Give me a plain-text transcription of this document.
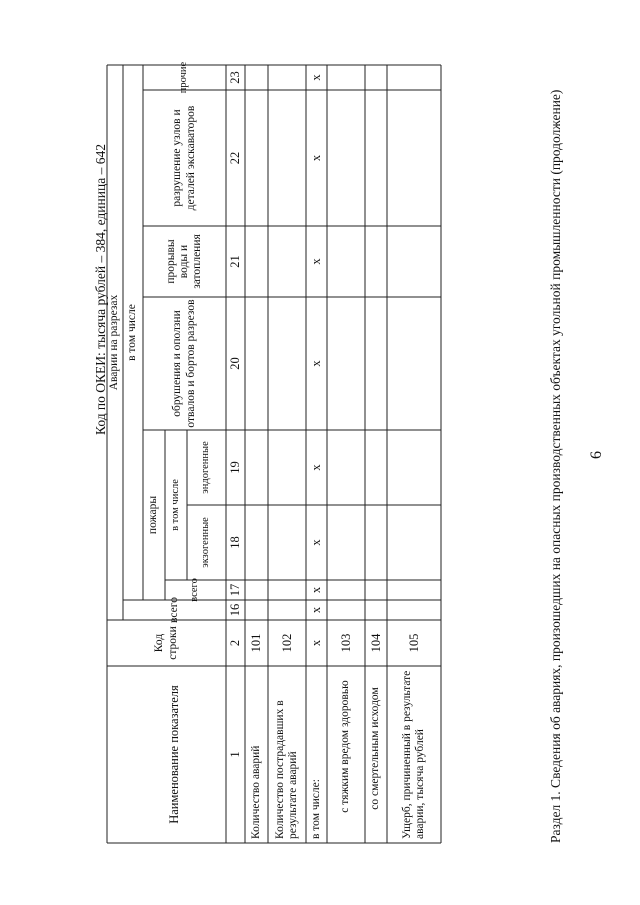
6
Раздел 1. Сведения об авариях, произошедших на опасных производственных объектах угольной промышленности (продолжение)
Код по ОКЕИ: тысяча рублей – 384, единица – 642
Наименование показателя
Код строки
Аварии на разрезах
всего
в том числе
пожары
всего
в том числе
экзогенные
эндогенные
обрушения и оползни отвалов и бортов разрезов
прорывы воды и затопления
разрушение узлов и деталей экскаваторов
прочие
1
2
16
17
18
19
20
21
22
23
Количество аварий
101
Количество пострадавших в результате аварий
102
в том числе:
x
x
x
x
x
x
x
x
x
с тяжким вредом здоровью
103
со смертельным исходом
104
Ущерб, причиненный в результате аварии, тысяча рублей
105
